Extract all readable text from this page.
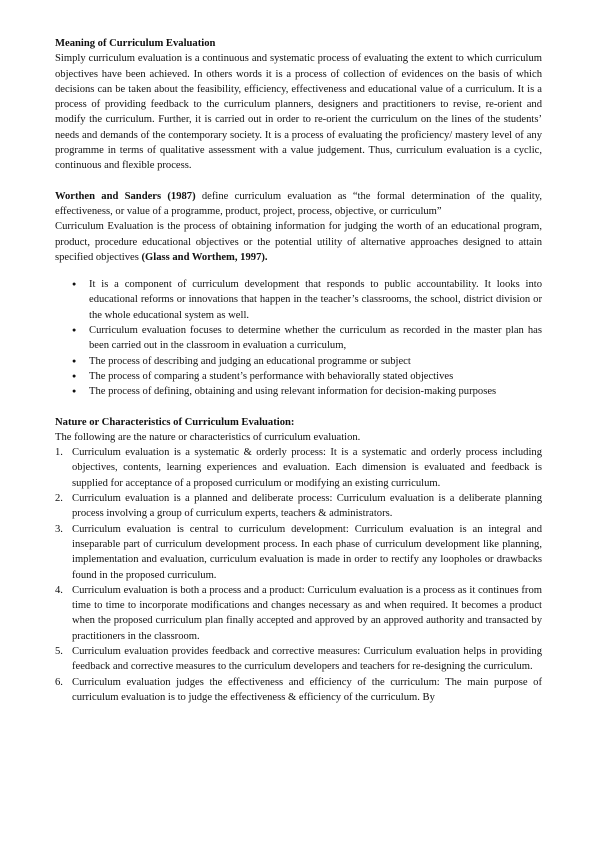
Meaning of Curriculum Evaluation

Simply curriculum evaluation is a continuous and systematic process of evaluating the extent to which curriculum objectives have been achieved. In others words it is a process of collection of evidences on the basis of which decisions can be taken about the feasibility, efficiency, effectiveness and educational value of a curriculum. It is a process of providing feedback to the curriculum planners, designers and practitioners to revise, re-orient and modify the curriculum. Further, it is carried out in order to re-orient the curriculum on the lines of the students’ needs and demands of the contemporary society. It is a process of evaluating the proficiency/ mastery level of any programme in terms of qualitative assessment with a value judgement. Thus, curriculum evaluation is a cyclic, continuous and flexible process.

Worthen and Sanders (1987) define curriculum evaluation as “the formal determination of the quality, effectiveness, or value of a programme, product, project, process, objective, or curriculum”

Curriculum Evaluation is the process of obtaining information for judging the worth of an educational program, product, procedure educational objectives or the potential utility of alternative approaches designed to attain specified objectives (Glass and Worthem, 1997).

● It is a component of curriculum development that responds to public accountability. It looks into educational reforms or innovations that happen in the teacher’s classrooms, the school, district division or the whole educational system as well.
● Curriculum evaluation focuses to determine whether the curriculum as recorded in the master plan has been carried out in the classroom in evaluation a curriculum,
● The process of describing and judging an educational programme or subject
● The process of comparing a student’s performance with behaviorally stated objectives
● The process of defining, obtaining and using relevant information for decision-making purposes

Nature or Characteristics of Curriculum Evaluation:

The following are the nature or characteristics of curriculum evaluation.

1. Curriculum evaluation is a systematic & orderly process: It is a systematic and orderly process including objectives, contents, learning experiences and evaluation. Each dimension is evaluated and feedback is supplied for acceptance of a proposed curriculum or modifying an existing curriculum.
2. Curriculum evaluation is a planned and deliberate process: Curriculum evaluation is a deliberate planning process involving a group of curriculum experts, teachers & administrators.
3. Curriculum evaluation is central to curriculum development: Curriculum evaluation is an integral and inseparable part of curriculum development process. In each phase of curriculum development like planning, implementation and evaluation, curriculum evaluation is made in order to rectify any loopholes or drawbacks found in the proposed curriculum.
4. Curriculum evaluation is both a process and a product: Curriculum evaluation is a process as it continues from time to time to incorporate modifications and changes necessary as and when required. It becomes a product when the proposed curriculum plan finally accepted and approved by an approved authority and transacted by practitioners in the classroom.
5. Curriculum evaluation provides feedback and corrective measures: Curriculum evaluation helps in providing feedback and corrective measures to the curriculum developers and teachers for re-designing the curriculum.
6. Curriculum evaluation judges the effectiveness and efficiency of the curriculum: The main purpose of curriculum evaluation is to judge the effectiveness & efficiency of the curriculum. By
